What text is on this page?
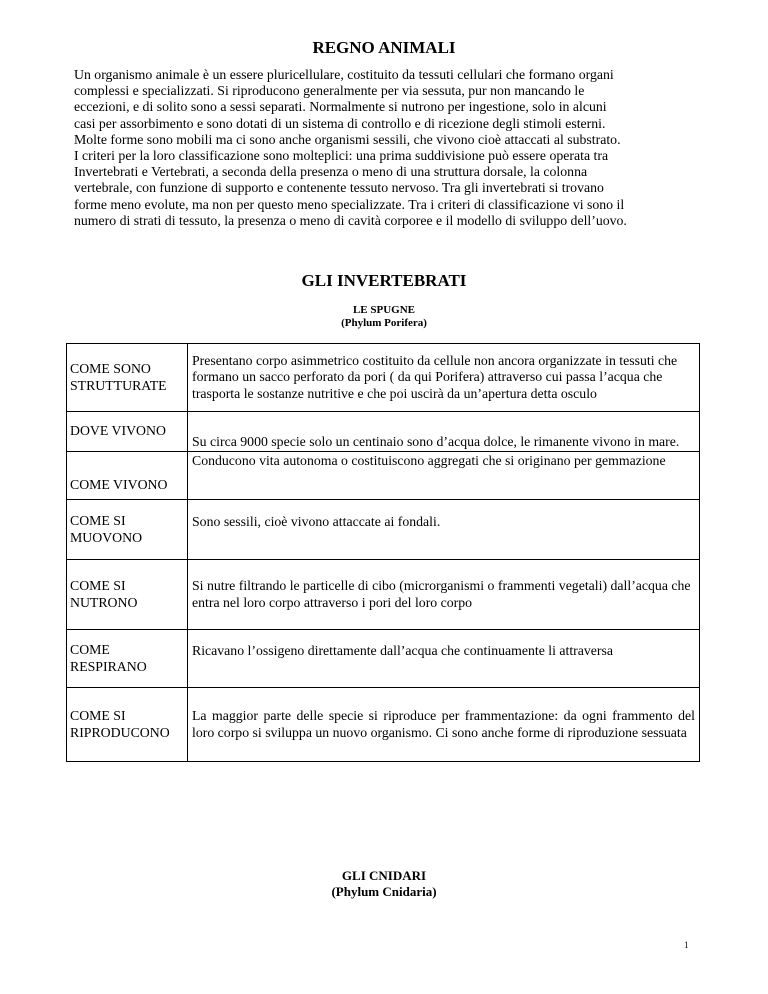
REGNO ANIMALI
Un organismo animale è un essere pluricellulare, costituito da tessuti cellulari che formano organi
complessi e specializzati. Si riproducono generalmente per via sessuta, pur non mancando le
eccezioni, e di solito sono a sessi separati. Normalmente si nutrono per ingestione, solo in alcuni
casi per assorbimento e sono dotati di un sistema di controllo e di ricezione degli stimoli esterni.
Molte forme sono mobili ma ci sono anche organismi sessili, che vivono cioè attaccati al substrato.
I criteri per la loro classificazione sono molteplici: una prima suddivisione può essere operata tra
Invertebrati e Vertebrati, a seconda della presenza o meno di una struttura dorsale, la colonna
vertebrale, con funzione di supporto e contenente tessuto nervoso. Tra gli invertebrati si trovano
forme meno evolute, ma non per questo meno specializzate. Tra i criteri di classificazione vi sono il
numero di strati di tessuto, la presenza o meno di cavità corporee e il modello di sviluppo dell’uovo.
GLI INVERTEBRATI
LE SPUGNE
(Phylum Porifera)
COME SONO STRUTTURATE	Presentano corpo asimmetrico costituito da cellule non ancora organizzate in tessuti che formano un sacco perforato da pori ( da qui Porifera) attraverso cui passa l’acqua che trasporta le sostanze nutritive e che poi uscirà da un’apertura detta osculo

DOVE VIVONO	Su circa 9000 specie solo un centinaio sono d’acqua dolce, le rimanente vivono in mare.

COME VIVONO	Conducono vita autonoma o costituiscono aggregati che si originano per gemmazione

COME SI MUOVONO	Sono sessili, cioè vivono attaccate ai fondali.

COME SI NUTRONO	Si nutre filtrando le particelle di cibo (microrganismi o frammenti vegetali) dall’acqua che entra nel loro corpo attraverso i pori del loro corpo

COME RESPIRANO	Ricavano l’ossigeno direttamente dall’acqua che continuamente li attraversa

COME SI RIPRODUCONO	La maggior parte delle specie si riproduce per frammentazione: da ogni frammento del loro corpo si sviluppa un nuovo organismo. Ci sono anche forme di riproduzione sessuata
GLI CNIDARI
(Phylum Cnidaria)
1
